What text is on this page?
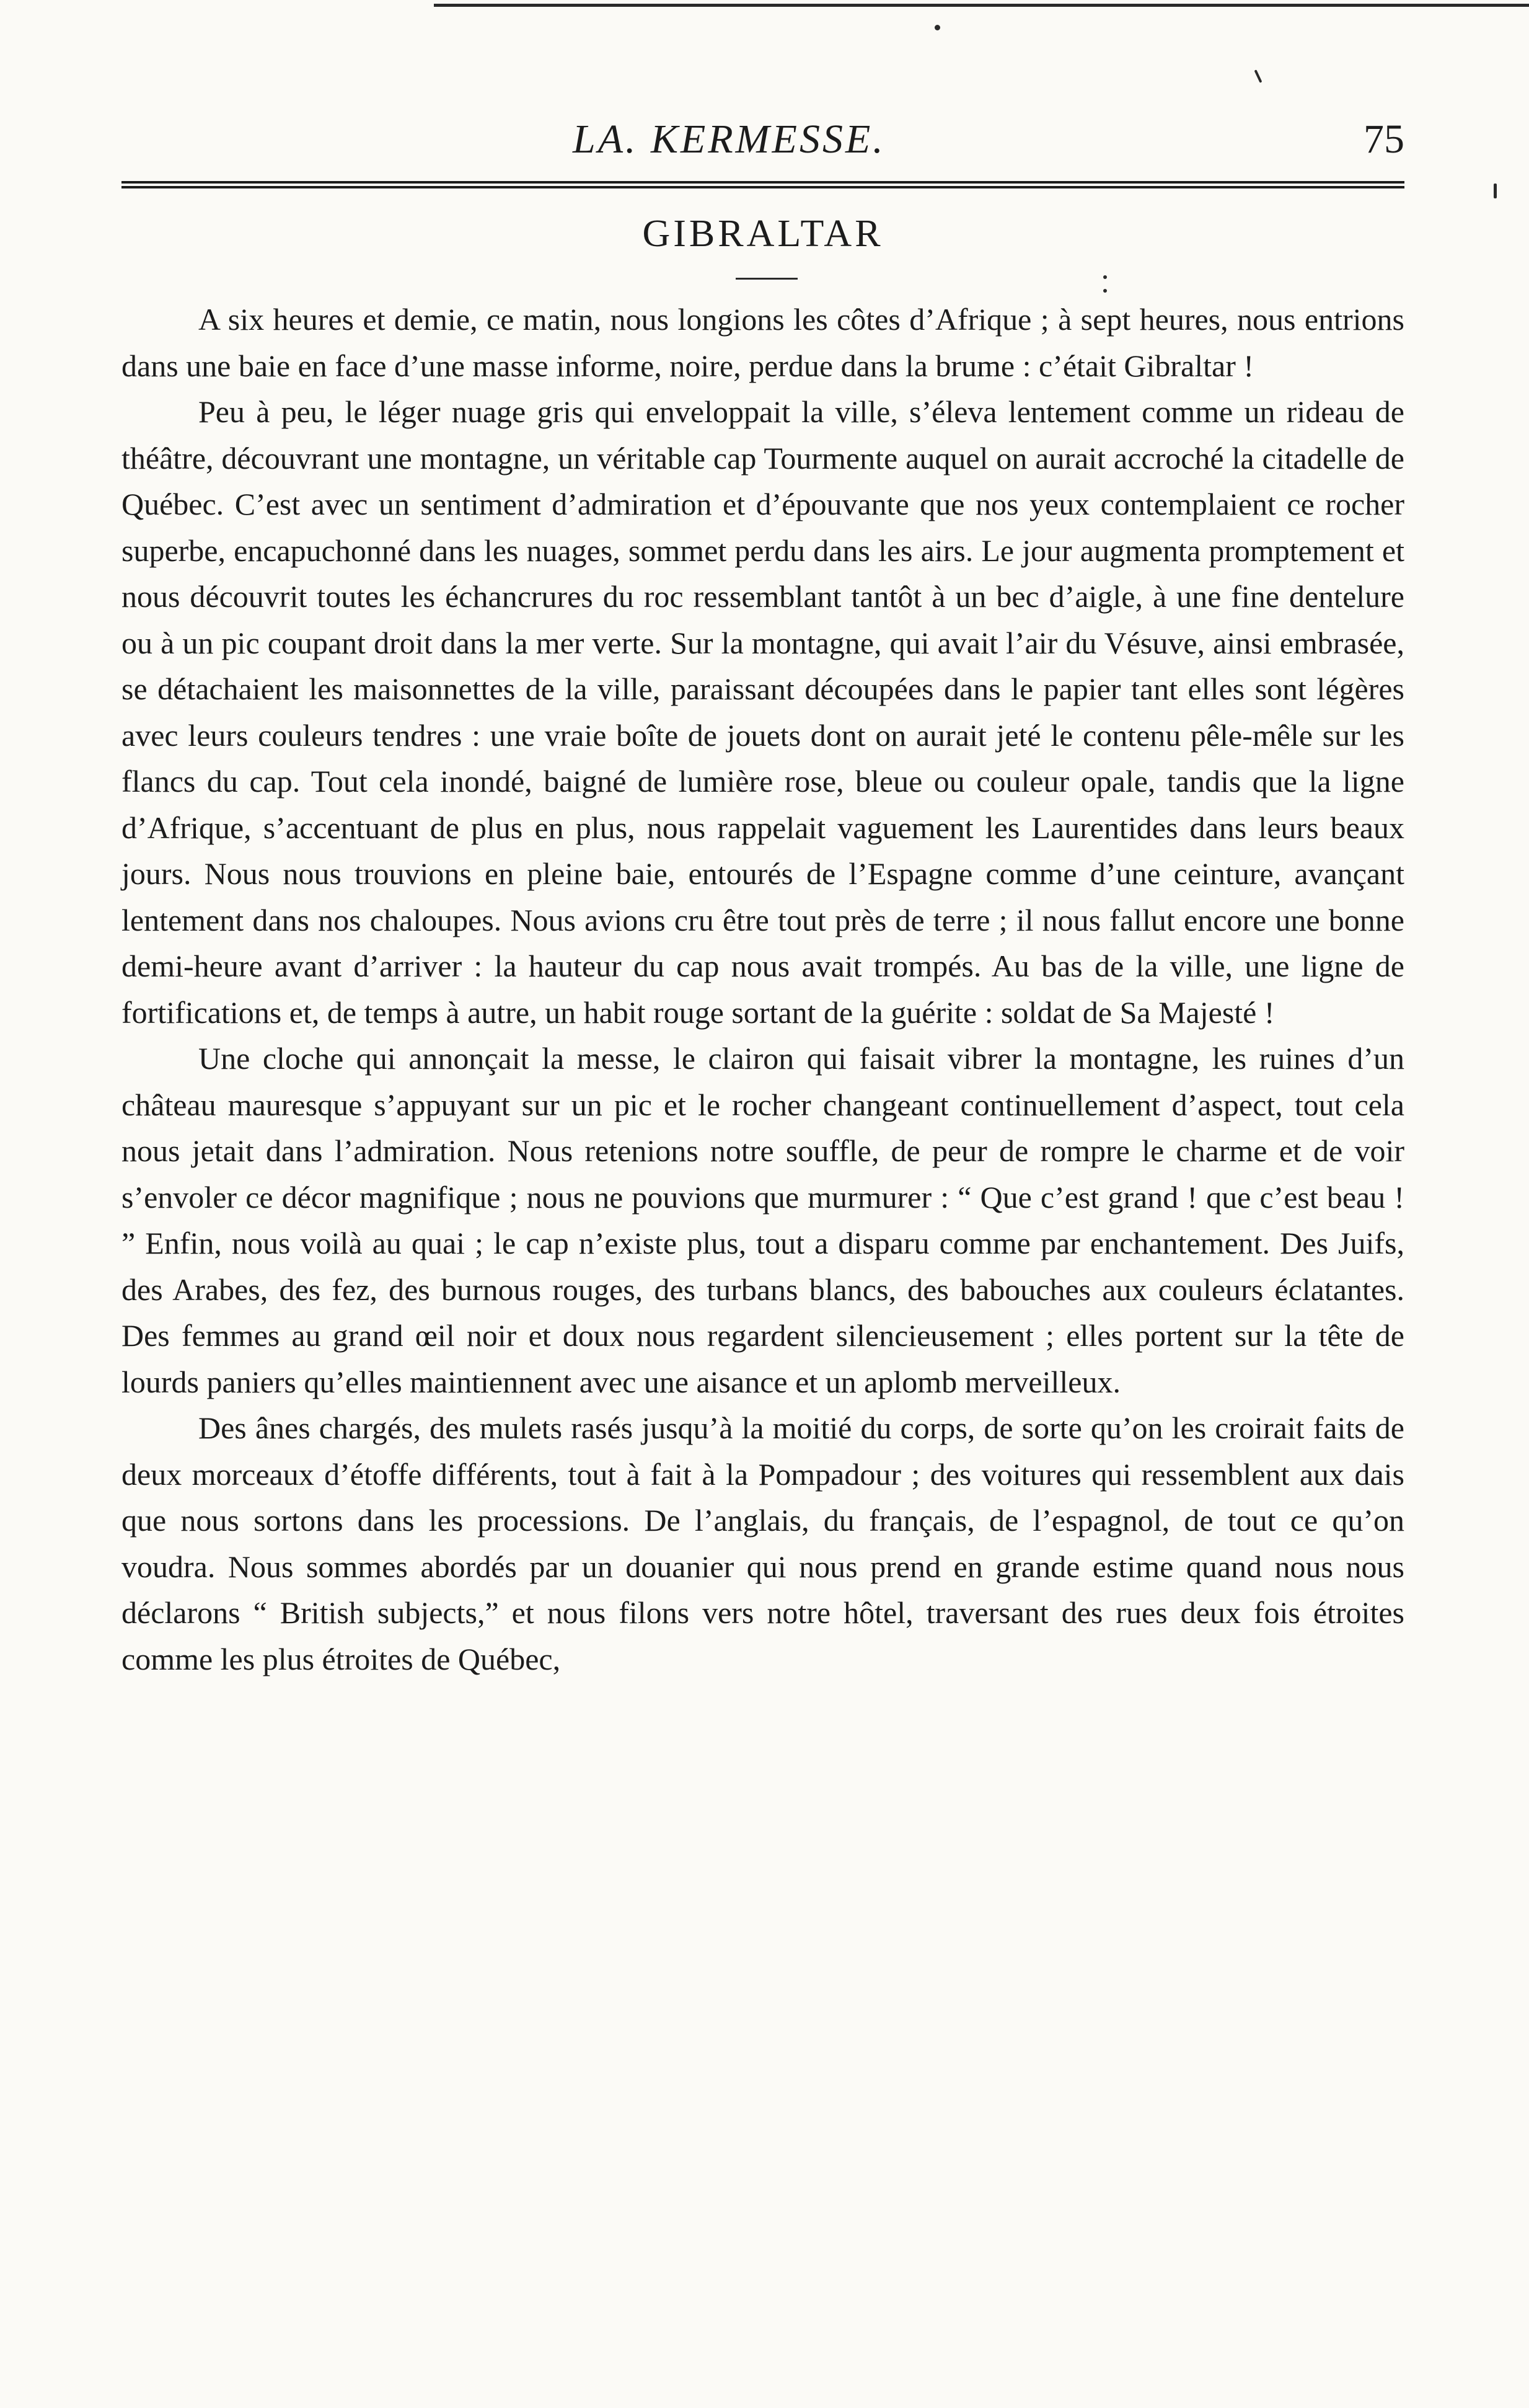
LA. KERMESSE.	75
GIBRALTAR

A six heures et demie, ce matin, nous longions les côtes d’Afrique ; à sept heures, nous entrions dans une baie en face d’une masse informe, noire, perdue dans la brume : c’était Gibraltar !

Peu à peu, le léger nuage gris qui enveloppait la ville, s’éleva lentement comme un rideau de théâtre, découvrant une montagne, un véritable cap Tourmente auquel on aurait accroché la citadelle de Québec. C’est avec un sentiment d’admiration et d’épouvante que nos yeux contemplaient ce rocher superbe, encapuchonné dans les nuages, sommet perdu dans les airs. Le jour augmenta promptement et nous découvrit toutes les échancrures du roc ressemblant tantôt à un bec d’aigle, à une fine dentelure ou à un pic coupant droit dans la mer verte. Sur la montagne, qui avait l’air du Vésuve, ainsi embrasée, se détachaient les maisonnettes de la ville, paraissant découpées dans le papier tant elles sont légères avec leurs couleurs tendres : une vraie boîte de jouets dont on aurait jeté le contenu pêle-mêle sur les flancs du cap. Tout cela inondé, baigné de lumière rose, bleue ou couleur opale, tandis que la ligne d’Afrique, s’accentuant de plus en plus, nous rappelait vaguement les Laurentides dans leurs beaux jours. Nous nous trouvions en pleine baie, entourés de l’Espagne comme d’une ceinture, avançant lentement dans nos chaloupes. Nous avions cru être tout près de terre ; il nous fallut encore une bonne demi-heure avant d’arriver : la hauteur du cap nous avait trompés. Au bas de la ville, une ligne de fortifications et, de temps à autre, un habit rouge sortant de la guérite : soldat de Sa Majesté !

Une cloche qui annonçait la messe, le clairon qui faisait vibrer la montagne, les ruines d’un château mauresque s’appuyant sur un pic et le rocher changeant continuellement d’aspect, tout cela nous jetait dans l’admiration. Nous retenions notre souffle, de peur de rompre le charme et de voir s’envoler ce décor magnifique ; nous ne pouvions que murmurer : “ Que c’est grand ! que c’est beau ! ” Enfin, nous voilà au quai ; le cap n’existe plus, tout a disparu comme par enchantement. Des Juifs, des Arabes, des fez, des burnous rouges, des turbans blancs, des babouches aux couleurs éclatantes. Des femmes au grand œil noir et doux nous regardent silencieusement ; elles portent sur la tête de lourds paniers qu’elles maintiennent avec une aisance et un aplomb merveilleux.

Des ânes chargés, des mulets rasés jusqu’à la moitié du corps, de sorte qu’on les croirait faits de deux morceaux d’étoffe différents, tout à fait à la Pompadour ; des voitures qui ressemblent aux dais que nous sortons dans les processions. De l’anglais, du français, de l’espagnol, de tout ce qu’on voudra. Nous sommes abordés par un douanier qui nous prend en grande estime quand nous nous déclarons “ British subjects,” et nous filons vers notre hôtel, traversant des rues deux fois étroites comme les plus étroites de Québec,
